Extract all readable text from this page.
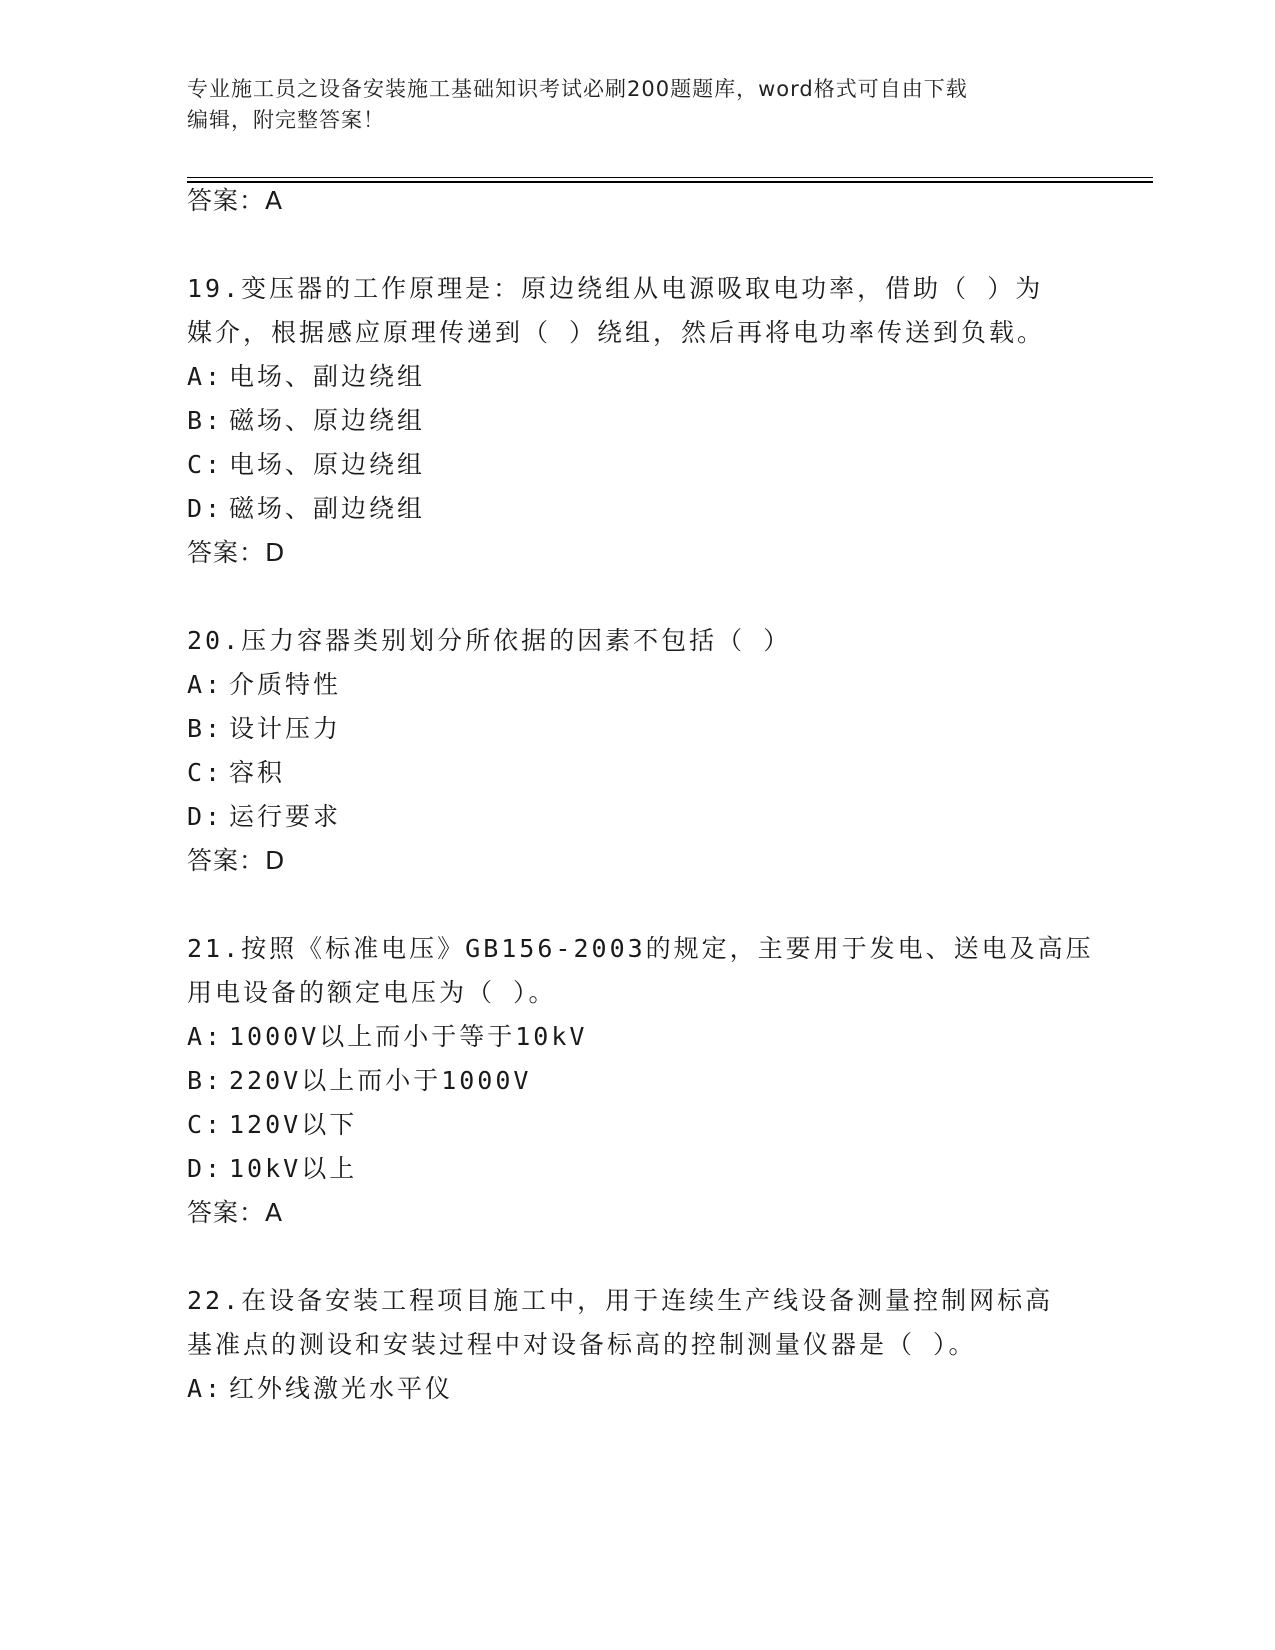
专业施工员之设备安装施工基础知识考试必刷200题题库，word格式可自由下载
编辑，附完整答案！
答案：A
19.变压器的工作原理是：原边绕组从电源吸取电功率，借助（ ）为
媒介，根据感应原理传递到（ ）绕组，然后再将电功率传送到负载。
A: 电场、副边绕组
B: 磁场、原边绕组
C: 电场、原边绕组
D: 磁场、副边绕组
答案：D
20.压力容器类别划分所依据的因素不包括（ ）
A: 介质特性
B: 设计压力
C: 容积
D: 运行要求
答案：D
21.按照《标准电压》GB156-2003的规定，主要用于发电、送电及高压
用电设备的额定电压为（ ）。
A: 1000V以上而小于等于10kV
B: 220V以上而小于1000V
C: 120V以下
D: 10kV以上
答案：A
22.在设备安装工程项目施工中，用于连续生产线设备测量控制网标高
基准点的测设和安装过程中对设备标高的控制测量仪器是（ ）。
A: 红外线激光水平仪
